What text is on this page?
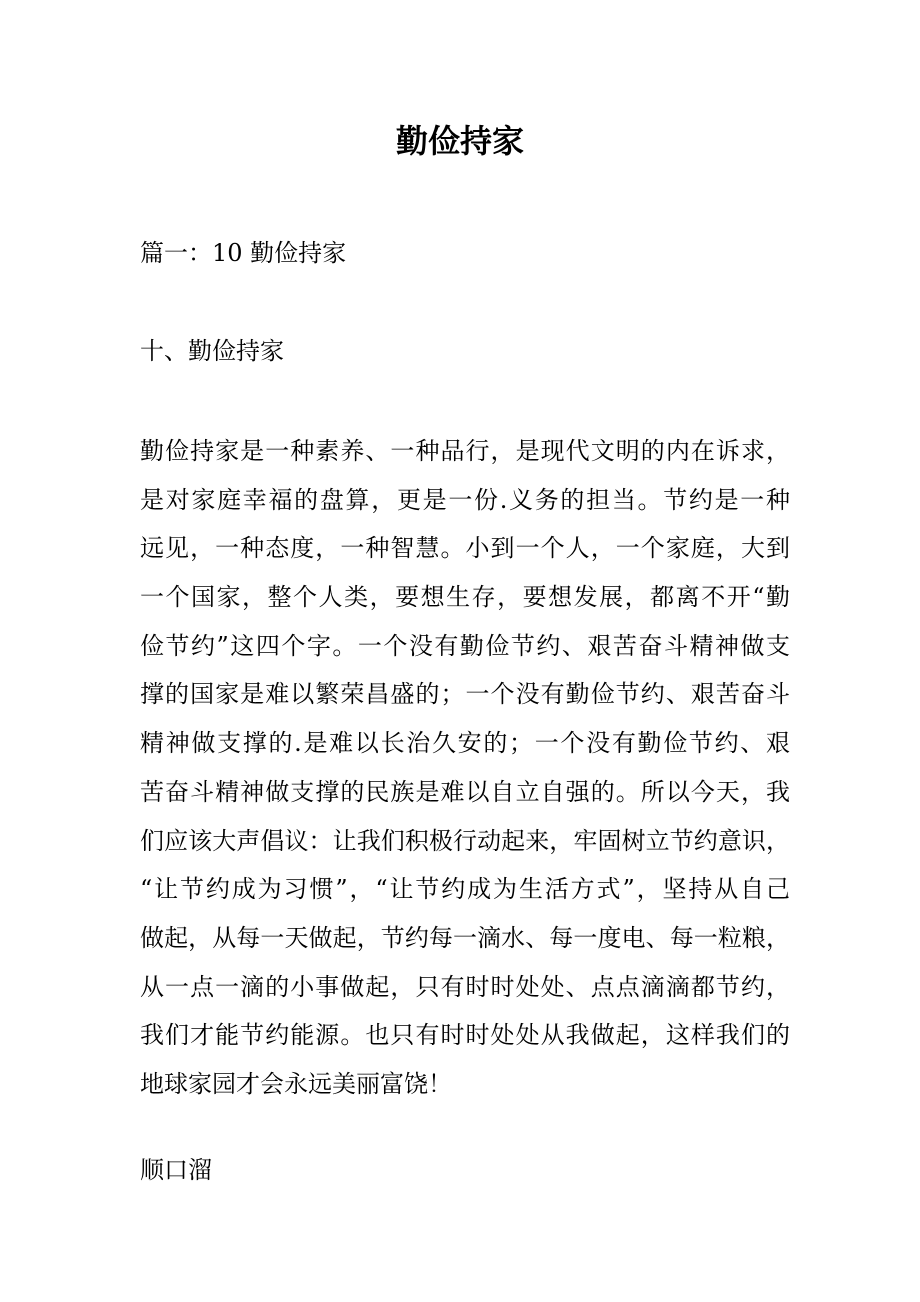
勤俭持家

篇一：10 勤俭持家

十、勤俭持家

勤俭持家是一种素养、一种品行，是现代文明的内在诉求，
是对家庭幸福的盘算，更是一份.义务的担当。节约是一种
远见，一种态度，一种智慧。小到一个人，一个家庭，大到
一个国家，整个人类，要想生存，要想发展，都离不开“勤
俭节约”这四个字。一个没有勤俭节约、艰苦奋斗精神做支
撑的国家是难以繁荣昌盛的；一个没有勤俭节约、艰苦奋斗
精神做支撑的.是难以长治久安的；一个没有勤俭节约、艰
苦奋斗精神做支撑的民族是难以自立自强的。所以今天，我
们应该大声倡议：让我们积极行动起来，牢固树立节约意识，
“让节约成为习惯”，“让节约成为生活方式”，坚持从自己
做起，从每一天做起，节约每一滴水、每一度电、每一粒粮，
从一点一滴的小事做起，只有时时处处、点点滴滴都节约，
我们才能节约能源。也只有时时处处从我做起，这样我们的
地球家园才会永远美丽富饶！

顺口溜
